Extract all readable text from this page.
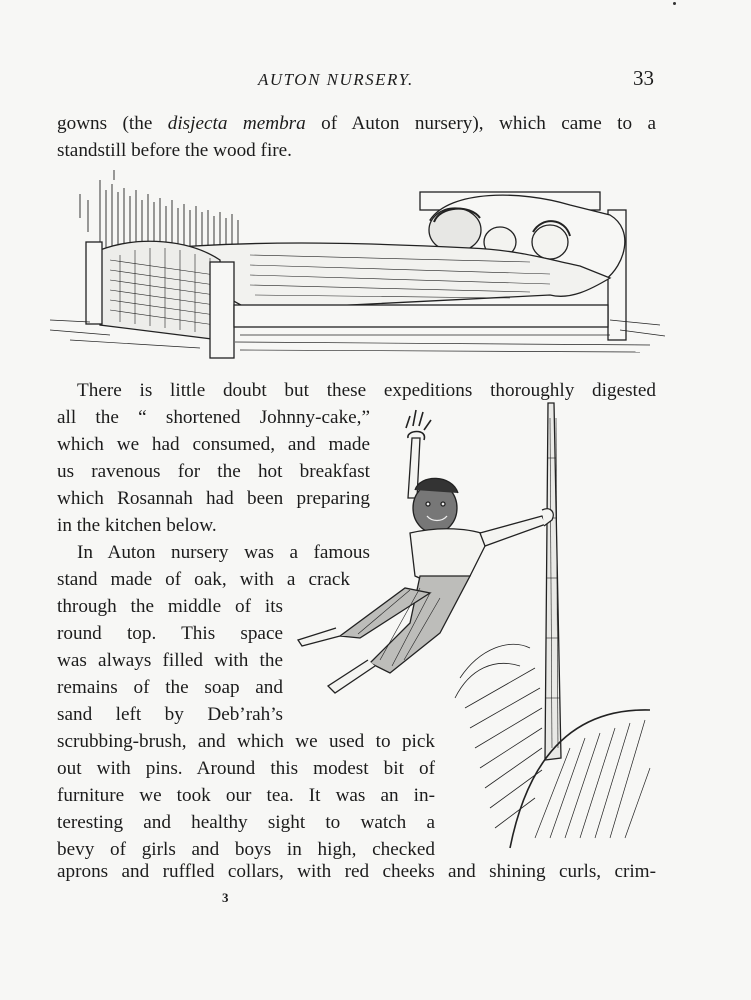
AUTON NURSERY.	33
gowns (the disjecta membra of Auton nursery), which came to a
standstill before the wood fire.
There is little doubt but these expeditions thoroughly digested
all the “ shortened Johnny-cake,”
which we had consumed, and made
us ravenous for the hot breakfast
which Rosannah had been preparing
in the kitchen below.
In Auton nursery was a famous
stand made of oak, with a crack
through the middle of its
round top. This space
was always filled with the
remains of the soap and
sand left by Deb’rah’s
scrubbing-brush, and which we used to pick
out with pins. Around this modest bit of
furniture we took our tea. It was an in-
teresting and healthy sight to watch a
bevy of girls and boys in high, checked
aprons and ruffled collars, with red cheeks and shining curls, crim-
3
